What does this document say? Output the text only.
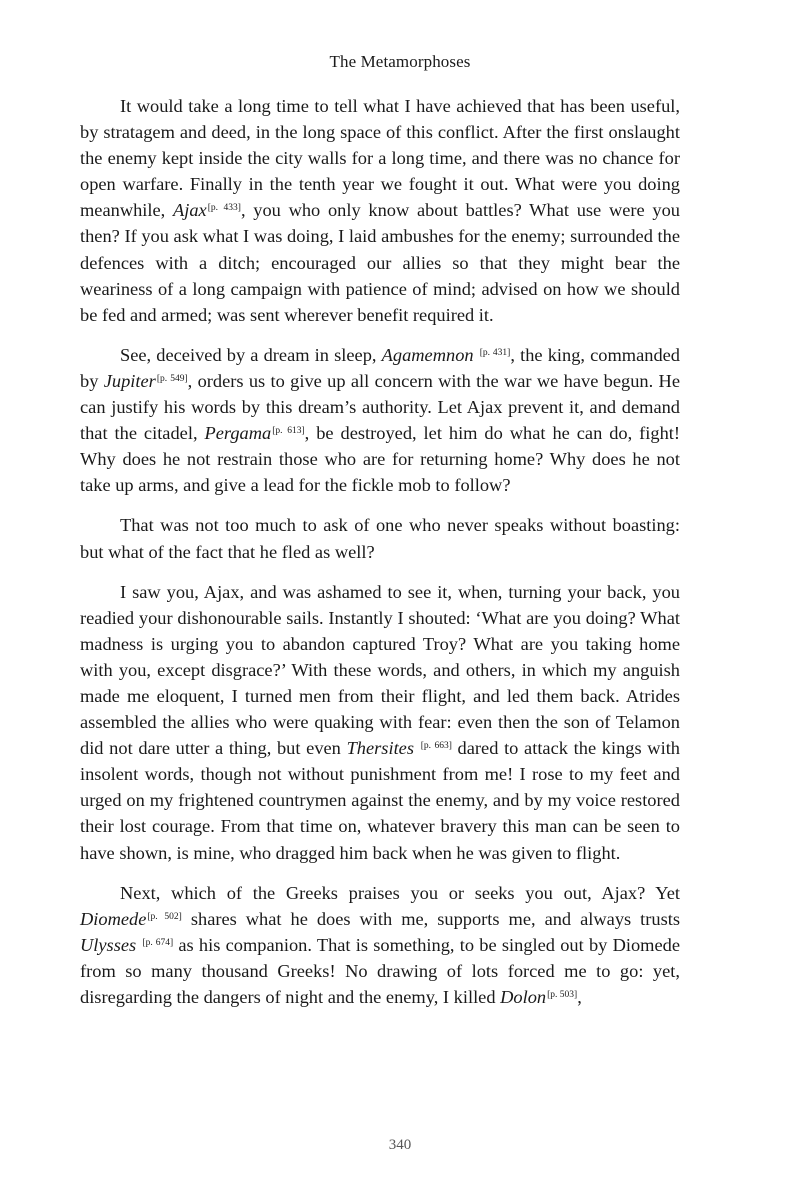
The Metamorphoses

It would take a long time to tell what I have achieved that has been useful, by stratagem and deed, in the long space of this conflict. After the first onslaught the enemy kept inside the city walls for a long time, and there was no chance for open warfare. Finally in the tenth year we fought it out. What were you doing meanwhile, Ajax[p. 433], you who only know about battles? What use were you then? If you ask what I was doing, I laid ambushes for the enemy; surrounded the defences with a ditch; encouraged our allies so that they might bear the weariness of a long campaign with patience of mind; advised on how we should be fed and armed; was sent wherever benefit required it.

See, deceived by a dream in sleep, Agamemnon [p. 431], the king, commanded by Jupiter[p. 549], orders us to give up all concern with the war we have begun. He can justify his words by this dream’s authority. Let Ajax prevent it, and demand that the citadel, Pergama[p. 613], be destroyed, let him do what he can do, fight! Why does he not restrain those who are for returning home? Why does he not take up arms, and give a lead for the fickle mob to follow?

That was not too much to ask of one who never speaks without boasting: but what of the fact that he fled as well?

I saw you, Ajax, and was ashamed to see it, when, turning your back, you readied your dishonourable sails. Instantly I shouted: ‘What are you doing? What madness is urging you to abandon captured Troy? What are you taking home with you, except disgrace?’ With these words, and others, in which my anguish made me eloquent, I turned men from their flight, and led them back. Atrides assembled the allies who were quaking with fear: even then the son of Telamon did not dare utter a thing, but even Thersites [p. 663] dared to attack the kings with insolent words, though not without punishment from me! I rose to my feet and urged on my frightened countrymen against the enemy, and by my voice restored their lost courage. From that time on, whatever bravery this man can be seen to have shown, is mine, who dragged him back when he was given to flight.

Next, which of the Greeks praises you or seeks you out, Ajax? Yet Diomede[p. 502] shares what he does with me, supports me, and always trusts Ulysses [p. 674] as his companion. That is something, to be singled out by Diomede from so many thousand Greeks! No drawing of lots forced me to go: yet, disregarding the dangers of night and the enemy, I killed Dolon[p. 503],

340
